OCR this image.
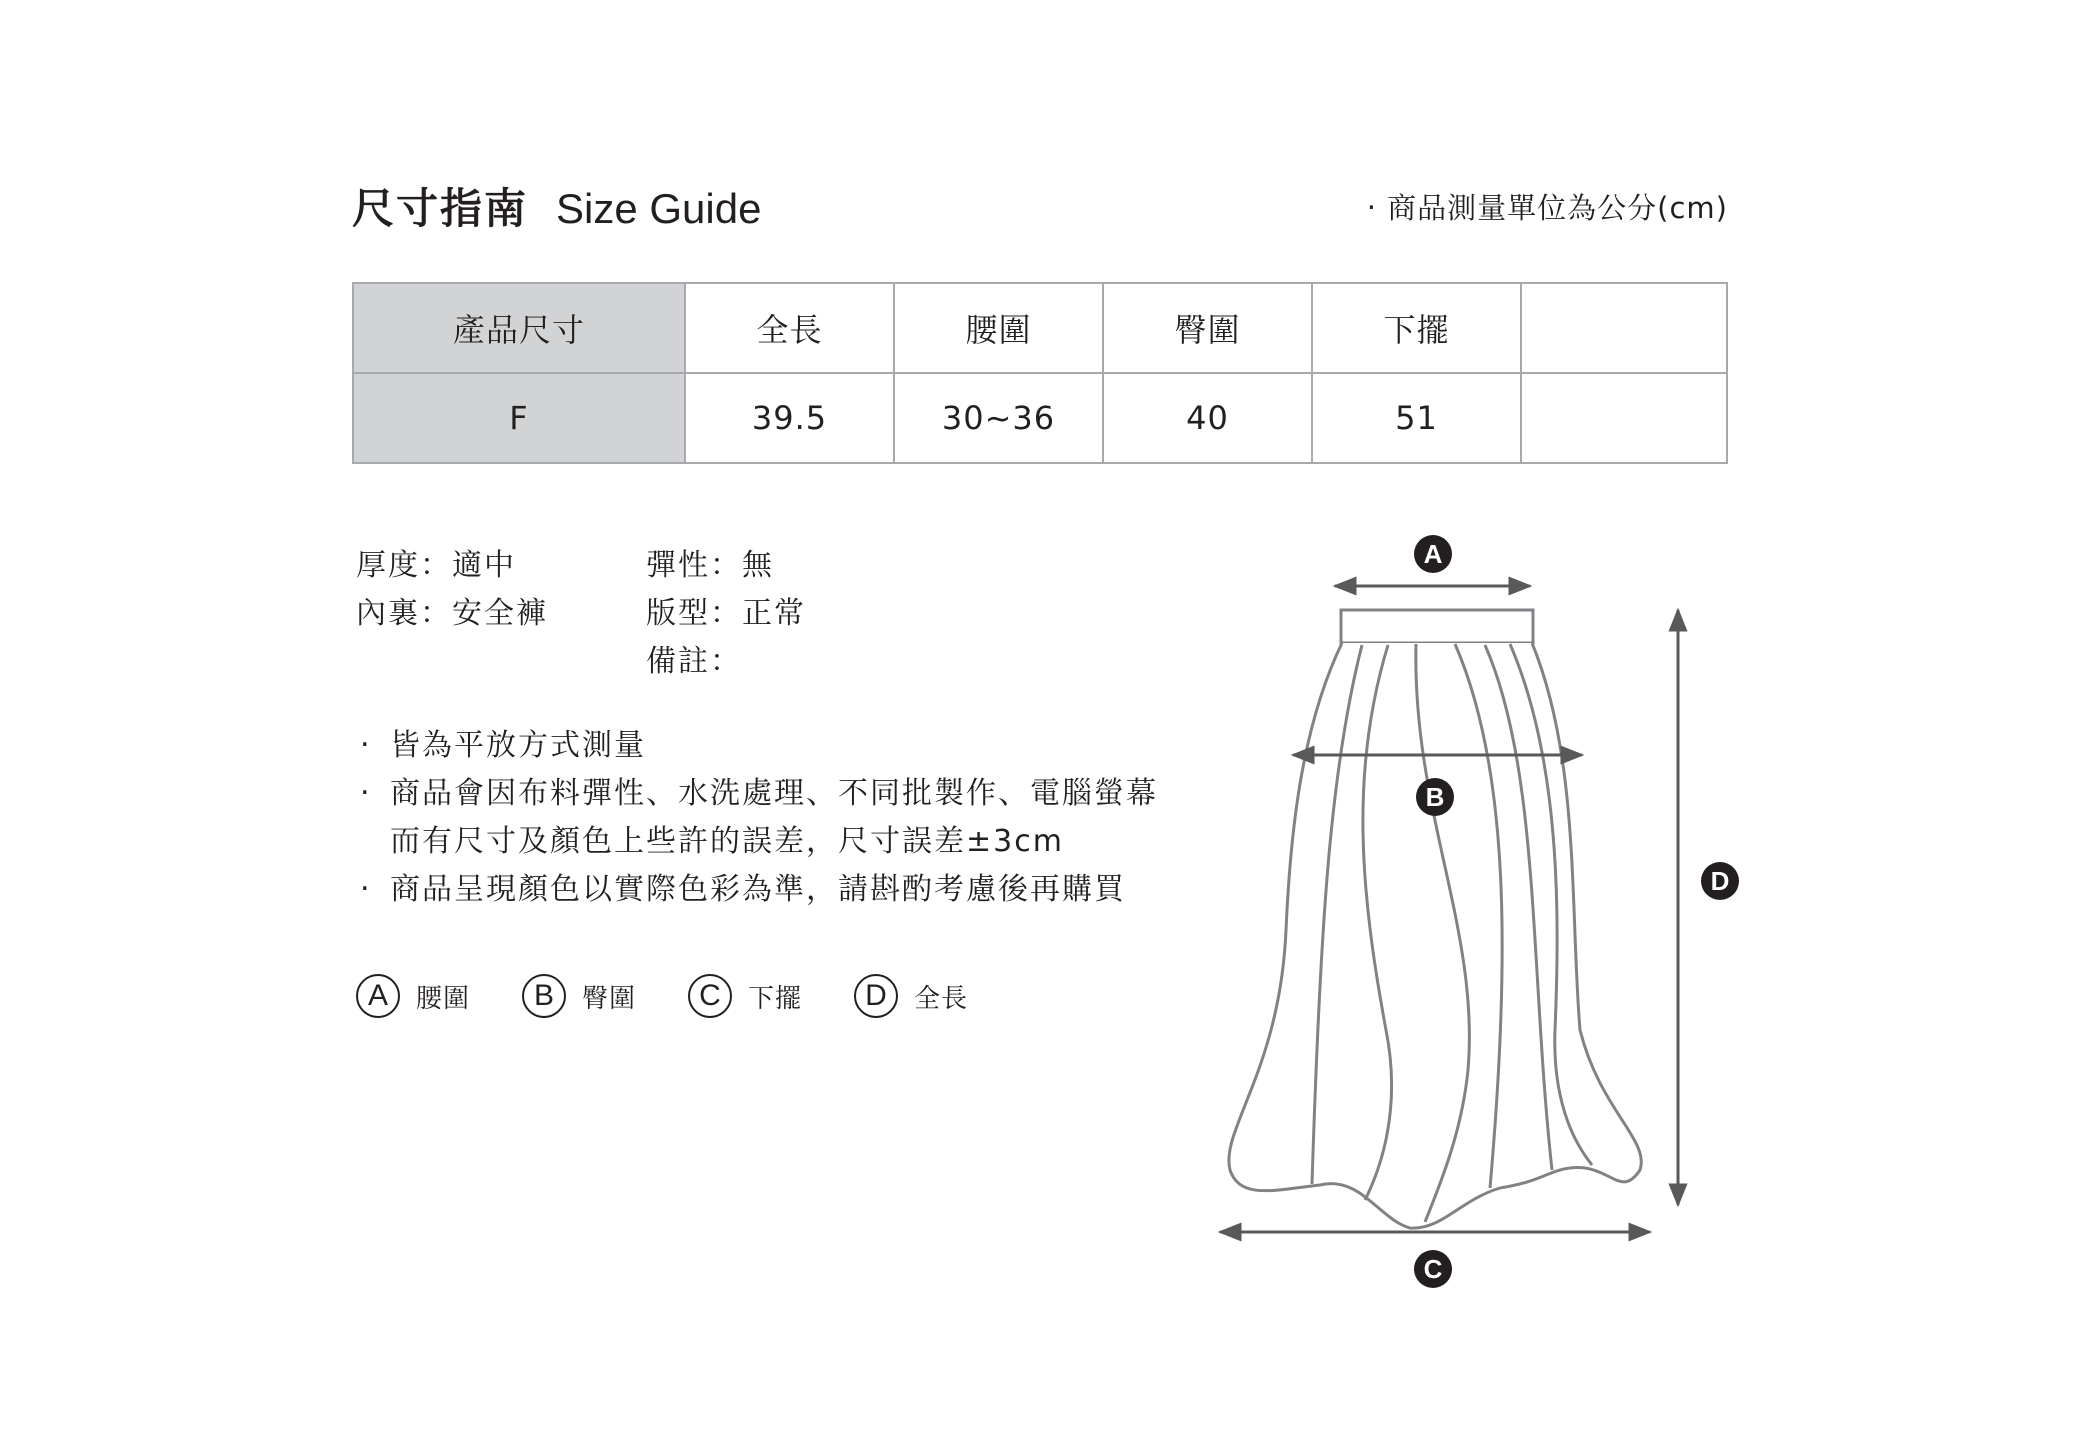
尺寸指南 Size Guide	‧ 商品測量單位為公分(cm)
產品尺寸	全長	腰圍	臀圍	下擺	
F	39.5	30~36	40	51	
厚度：適中
內裏：安全褲
彈性：無
版型：正常
備註：
‧ 皆為平放方式測量
‧ 商品會因布料彈性、水洗處理、不同批製作、電腦螢幕
而有尺寸及顏色上些許的誤差，尺寸誤差±3cm
‧ 商品呈現顏色以實際色彩為準，請斟酌考慮後再購買
A	腰圍	B	臀圍	C	下擺	D	全長
A
B
C
D
